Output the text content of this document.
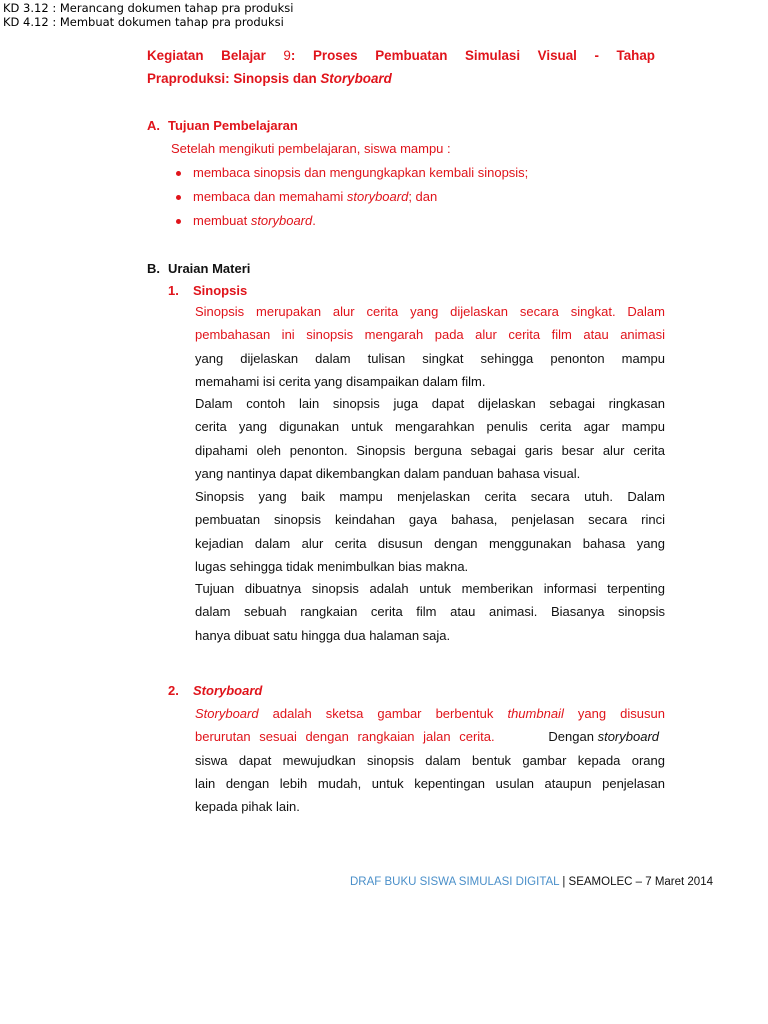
KD 3.12 : Merancang dokumen tahap pra produksi
KD 4.12 : Membuat dokumen tahap pra produksi
Kegiatan Belajar 9: Proses Pembuatan Simulasi Visual - Tahap
Praproduksi: Sinopsis dan Storyboard
A. Tujuan Pembelajaran
Setelah mengikuti pembelajaran, siswa mampu :
membaca sinopsis dan mengungkapkan kembali sinopsis;
membaca dan memahami storyboard; dan
membuat storyboard.
B. Uraian Materi
1. Sinopsis
Sinopsis merupakan alur cerita yang dijelaskan secara singkat. Dalam
pembahasan ini sinopsis mengarah pada alur cerita film atau animasi
yang dijelaskan dalam tulisan singkat sehingga penonton mampu
memahami isi cerita yang disampaikan dalam film.
Dalam contoh lain sinopsis juga dapat dijelaskan sebagai ringkasan
cerita yang digunakan untuk mengarahkan penulis cerita agar mampu
dipahami oleh penonton. Sinopsis berguna sebagai garis besar alur cerita
yang nantinya dapat dikembangkan dalam panduan bahasa visual.
Sinopsis yang baik mampu menjelaskan cerita secara utuh. Dalam
pembuatan sinopsis keindahan gaya bahasa, penjelasan secara rinci
kejadian dalam alur cerita disusun dengan menggunakan bahasa yang
lugas sehingga tidak menimbulkan bias makna.
Tujuan dibuatnya sinopsis adalah untuk memberikan informasi terpenting
dalam sebuah rangkaian cerita film atau animasi. Biasanya sinopsis
hanya dibuat satu hingga dua halaman saja.
2. Storyboard
Storyboard adalah sketsa gambar berbentuk thumbnail yang disusun
berurutan sesuai dengan rangkaian jalan cerita.	Dengan storyboard
siswa dapat mewujudkan sinopsis dalam bentuk gambar kepada orang
lain dengan lebih mudah, untuk kepentingan usulan ataupun penjelasan
kepada pihak lain.
DRAF BUKU SISWA SIMULASI DIGITAL | SEAMOLEC – 7 Maret 2014
